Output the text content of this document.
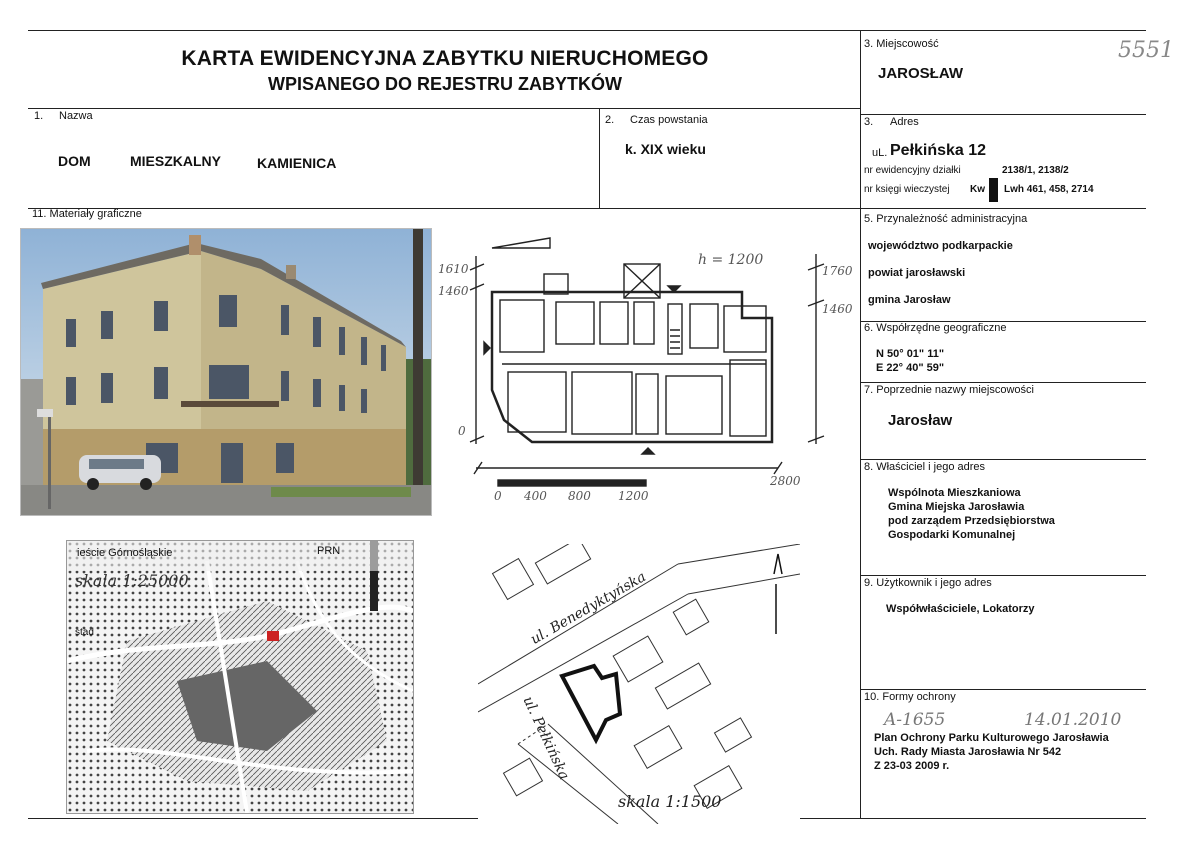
KARTA EWIDENCYJNA ZABYTKU NIERUCHOMEGO
WPISANEGO DO REJESTRU ZABYTKÓW
5551
3. Miejscowość
JAROSŁAW
1. Nazwa
DOM	MIESZKALNY	KAMIENICA
2. Czas powstania
k. XIX wieku
3. Adres
uL. Pełkińska 12
nr ewidencyjny działki	2138/1, 2138/2
nr księgi wieczystej Kw Lwh 461, 458, 2714
11. Materiały graficzne
h = 1200
1610
1460
0
1760
1460
0 400 800 1200
2800
ieście Górnośląskie	PRN
stad
skala 1:25000	ul. Benedyktyńska
ul. Pełkińska
skala 1:1500
5. Przynależność administracyjna
województwo podkarpackie
powiat jarosławski
gmina Jarosław
6. Współrzędne geograficzne
N 50° 01" 11"
E 22° 40" 59"
7. Poprzednie nazwy miejscowości
Jarosław
8. Właściciel i jego adres
Wspólnota Mieszkaniowa
Gmina Miejska Jarosławia
pod zarządem Przedsiębiorstwa
Gospodarki Komunalnej
9. Użytkownik i jego adres
Współwłaściciele, Lokatorzy
10. Formy ochrony
A-1655	14.01.2010
Plan Ochrony Parku Kulturowego Jarosławia
Uch. Rady Miasta Jarosławia Nr 542
Z 23-03 2009 r.
